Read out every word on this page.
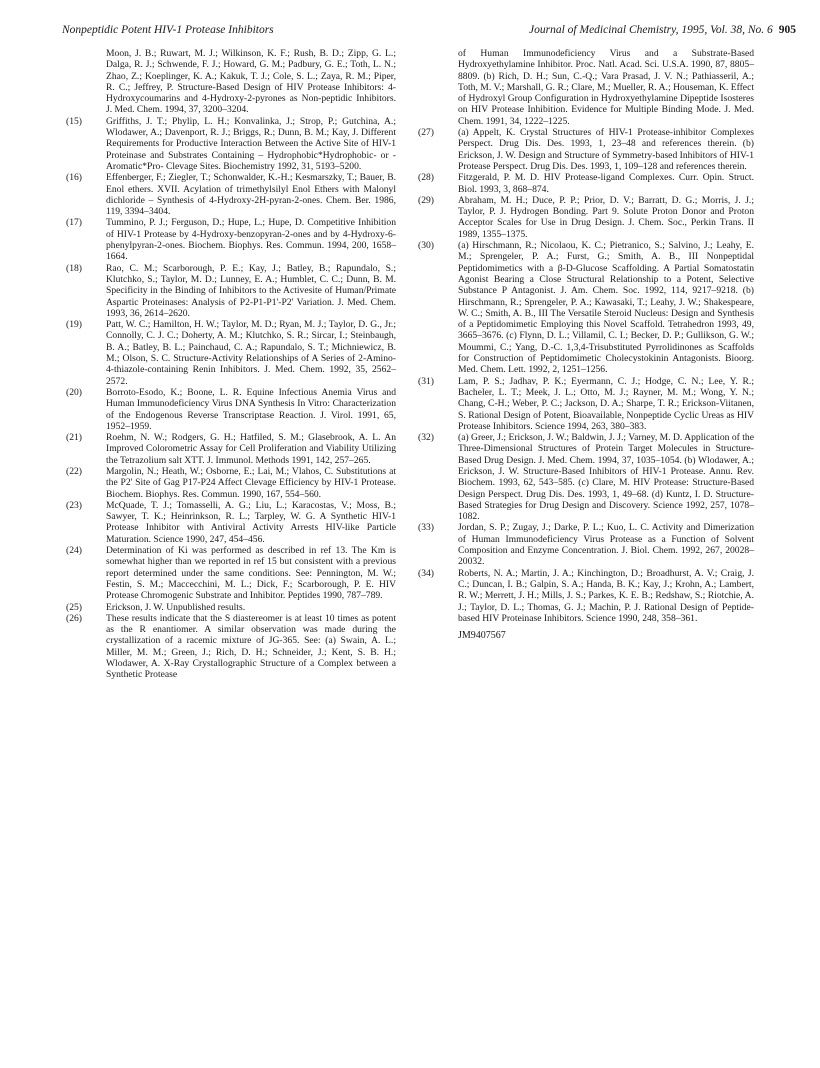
Nonpeptidic Potent HIV-1 Protease Inhibitors	Journal of Medicinal Chemistry, 1995, Vol. 38, No. 6 905

Moon, J. B.; Ruwart, M. J.; Wilkinson, K. F.; Rush, B. D.; Zipp, G. L.; Dalga, R. J.; Schwende, F. J.; Howard, G. M.; Padbury, G. E.; Toth, L. N.; Zhao, Z.; Koeplinger, K. A.; Kakuk, T. J.; Cole, S. L.; Zaya, R. M.; Piper, R. C.; Jeffrey, P. Structure-Based Design of HIV Protease Inhibitors: 4-Hydroxycoumarins and 4-Hydroxy-2-pyrones as Non-peptidic Inhibitors. J. Med. Chem. 1994, 37, 3200–3204.

(15)	Griffiths, J. T.; Phylip, L. H.; Konvalinka, J.; Strop, P.; Gutchina, A.; Wlodawer, A.; Davenport, R. J.; Briggs, R.; Dunn, B. M.; Kay, J. Different Requirements for Productive Interaction Between the Active Site of HIV-1 Proteinase and Substrates Containing – Hydrophobic*Hydrophobic- or -Aromatic*Pro- Clevage Sites. Biochemistry 1992, 31, 5193–5200.

(16)	Effenberger, F.; Ziegler, T.; Schonwalder, K.-H.; Kesmarszky, T.; Bauer, B. Enol ethers. XVII. Acylation of trimethylsilyl Enol Ethers with Malonyl dichloride – Synthesis of 4-Hydroxy-2H-pyran-2-ones. Chem. Ber. 1986, 119, 3394–3404.

(17)	Tummino, P. J.; Ferguson, D.; Hupe, L.; Hupe, D. Competitive Inhibition of HIV-1 Protease by 4-Hydroxy-benzopyran-2-ones and by 4-Hydroxy-6-phenylpyran-2-ones. Biochem. Biophys. Res. Commun. 1994, 200, 1658–1664.

(18)	Rao, C. M.; Scarborough, P. E.; Kay, J.; Batley, B.; Rapundalo, S.; Klutchko, S.; Taylor, M. D.; Lunney, E. A.; Humblet, C. C.; Dunn, B. M. Specificity in the Binding of Inhibitors to the Activesite of Human/Primate Aspartic Proteinases: Analysis of P2-P1-P1'-P2' Variation. J. Med. Chem. 1993, 36, 2614–2620.

(19)	Patt, W. C.; Hamilton, H. W.; Taylor, M. D.; Ryan, M. J.; Taylor, D. G., Jr.; Connolly, C. J. C.; Doherty, A. M.; Klutchko, S. R.; Sircar, I.; Steinbaugh, B. A.; Batley, B. L.; Painchaud, C. A.; Rapundalo, S. T.; Michniewicz, B. M.; Olson, S. C. Structure-Activity Relationships of A Series of 2-Amino-4-thiazole-containing Renin Inhibitors. J. Med. Chem. 1992, 35, 2562–2572.

(20)	Borroto-Esodo, K.; Boone, L. R. Equine Infectious Anemia Virus and Human Immunodeficiency Virus DNA Synthesis In Vitro: Characterization of the Endogenous Reverse Transcriptase Reaction. J. Virol. 1991, 65, 1952–1959.

(21)	Roehm, N. W.; Rodgers, G. H.; Hatfiled, S. M.; Glasebrook, A. L. An Improved Colorometric Assay for Cell Proliferation and Viability Utilizing the Tetrazolium salt XTT. J. Immunol. Methods 1991, 142, 257–265.

(22)	Margolin, N.; Heath, W.; Osborne, E.; Lai, M.; Vlahos, C. Substitutions at the P2' Site of Gag P17-P24 Affect Clevage Efficiency by HIV-1 Protease. Biochem. Biophys. Res. Commun. 1990, 167, 554–560.

(23)	McQuade, T. J.; Tomasselli, A. G.; Liu, L.; Karacostas, V.; Moss, B.; Sawyer, T. K.; Heinrinkson, R. L.; Tarpley, W. G. A Synthetic HIV-1 Protease Inhibitor with Antiviral Activity Arrests HIV-like Particle Maturation. Science 1990, 247, 454–456.

(24)	Determination of Ki was performed as described in ref 13. The Km is somewhat higher than we reported in ref 15 but consistent with a previous report determined under the same conditions. See: Pennington, M. W.; Festin, S. M.; Maccecchini, M. L.; Dick, F.; Scarborough, P. E. HIV Protease Chromogenic Substrate and Inhibitor. Peptides 1990, 787–789.

(25)	Erickson, J. W. Unpublished results.

(26)	These results indicate that the S diastereomer is at least 10 times as potent as the R enantiomer. A similar observation was made during the crystallization of a racemic mixture of JG-365. See: (a) Swain, A. L.; Miller, M. M.; Green, J.; Rich, D. H.; Schneider, J.; Kent, S. B. H.; Wlodawer, A. X-Ray Crystallographic Structure of a Complex between a Synthetic Protease

of Human Immunodeficiency Virus and a Substrate-Based Hydroxyethylamine Inhibitor. Proc. Natl. Acad. Sci. U.S.A. 1990, 87, 8805–8809. (b) Rich, D. H.; Sun, C.-Q.; Vara Prasad, J. V. N.; Pathiasseril, A.; Toth, M. V.; Marshall, G. R.; Clare, M.; Mueller, R. A.; Houseman, K. Effect of Hydroxyl Group Configuration in Hydroxyethylamine Dipeptide Isosteres on HIV Protease Inhibition. Evidence for Multiple Binding Mode. J. Med. Chem. 1991, 34, 1222–1225.

(27)	(a) Appelt, K. Crystal Structures of HIV-1 Protease-inhibitor Complexes Perspect. Drug Dis. Des. 1993, 1, 23–48 and references therein. (b) Erickson, J. W. Design and Structure of Symmetry-based Inhibitors of HIV-1 Protease Perspect. Drug Dis. Des. 1993, 1, 109–128 and references therein.

(28)	Fitzgerald, P. M. D. HIV Protease-ligand Complexes. Curr. Opin. Struct. Biol. 1993, 3, 868–874.

(29)	Abraham, M. H.; Duce, P. P.; Prior, D. V.; Barratt, D. G.; Morris, J. J.; Taylor, P. J. Hydrogen Bonding. Part 9. Solute Proton Donor and Proton Acceptor Scales for Use in Drug Design. J. Chem. Soc., Perkin Trans. II 1989, 1355–1375.

(30)	(a) Hirschmann, R.; Nicolaou, K. C.; Pietranico, S.; Salvino, J.; Leahy, E. M.; Sprengeler, P. A.; Furst, G.; Smith, A. B., III Nonpeptidal Peptidomimetics with a β-D-Glucose Scaffolding. A Partial Somatostatin Agonist Bearing a Close Structural Relationship to a Potent, Selective Substance P Antagonist. J. Am. Chem. Soc. 1992, 114, 9217–9218. (b) Hirschmann, R.; Sprengeler, P. A.; Kawasaki, T.; Leahy, J. W.; Shakespeare, W. C.; Smith, A. B., III The Versatile Steroid Nucleus: Design and Synthesis of a Peptidomimetic Employing this Novel Scaffold. Tetrahedron 1993, 49, 3665–3676. (c) Flynn, D. L.; Villamil, C. I.; Becker, D. P.; Gullikson, G. W.; Moummi, C.; Yang, D.-C. 1,3,4-Trisubstituted Pyrrolidinones as Scaffolds for Construction of Peptidomimetic Cholecystokinin Antagonists. Bioorg. Med. Chem. Lett. 1992, 2, 1251–1256.

(31)	Lam, P. S.; Jadhav, P. K.; Eyermann, C. J.; Hodge, C. N.; Lee, Y. R.; Bacheler, L. T.; Meek, J. L.; Otto, M. J.; Rayner, M. M.; Wong, Y. N.; Chang, C-H.; Weber, P. C.; Jackson, D. A.; Sharpe, T. R.; Erickson-Viitanen, S. Rational Design of Potent, Bioavailable, Nonpeptide Cyclic Ureas as HIV Protease Inhibitors. Science 1994, 263, 380–383.

(32)	(a) Greer, J.; Erickson, J. W.; Baldwin, J. J.; Varney, M. D. Application of the Three-Dimensional Structures of Protein Target Molecules in Structure-Based Drug Design. J. Med. Chem. 1994, 37, 1035–1054. (b) Wlodawer, A.; Erickson, J. W. Structure-Based Inhibitors of HIV-1 Protease. Annu. Rev. Biochem. 1993, 62, 543–585. (c) Clare, M. HIV Protease: Structure-Based Design Perspect. Drug Dis. Des. 1993, 1, 49–68. (d) Kuntz, I. D. Structure-Based Strategies for Drug Design and Discovery. Science 1992, 257, 1078–1082.

(33)	Jordan, S. P.; Zugay, J.; Darke, P. L.; Kuo, L. C. Activity and Dimerization of Human Immunodeficiency Virus Protease as a Function of Solvent Composition and Enzyme Concentration. J. Biol. Chem. 1992, 267, 20028–20032.

(34)	Roberts, N. A.; Martin, J. A.; Kinchington, D.; Broadhurst, A. V.; Craig, J. C.; Duncan, I. B.; Galpin, S. A.; Handa, B. K.; Kay, J.; Krohn, A.; Lambert, R. W.; Merrett, J. H.; Mills, J. S.; Parkes, K. E. B.; Redshaw, S.; Riotchie, A. J.; Taylor, D. L.; Thomas, G. J.; Machin, P. J. Rational Design of Peptide-based HIV Proteinase Inhibitors. Science 1990, 248, 358–361.

JM9407567
